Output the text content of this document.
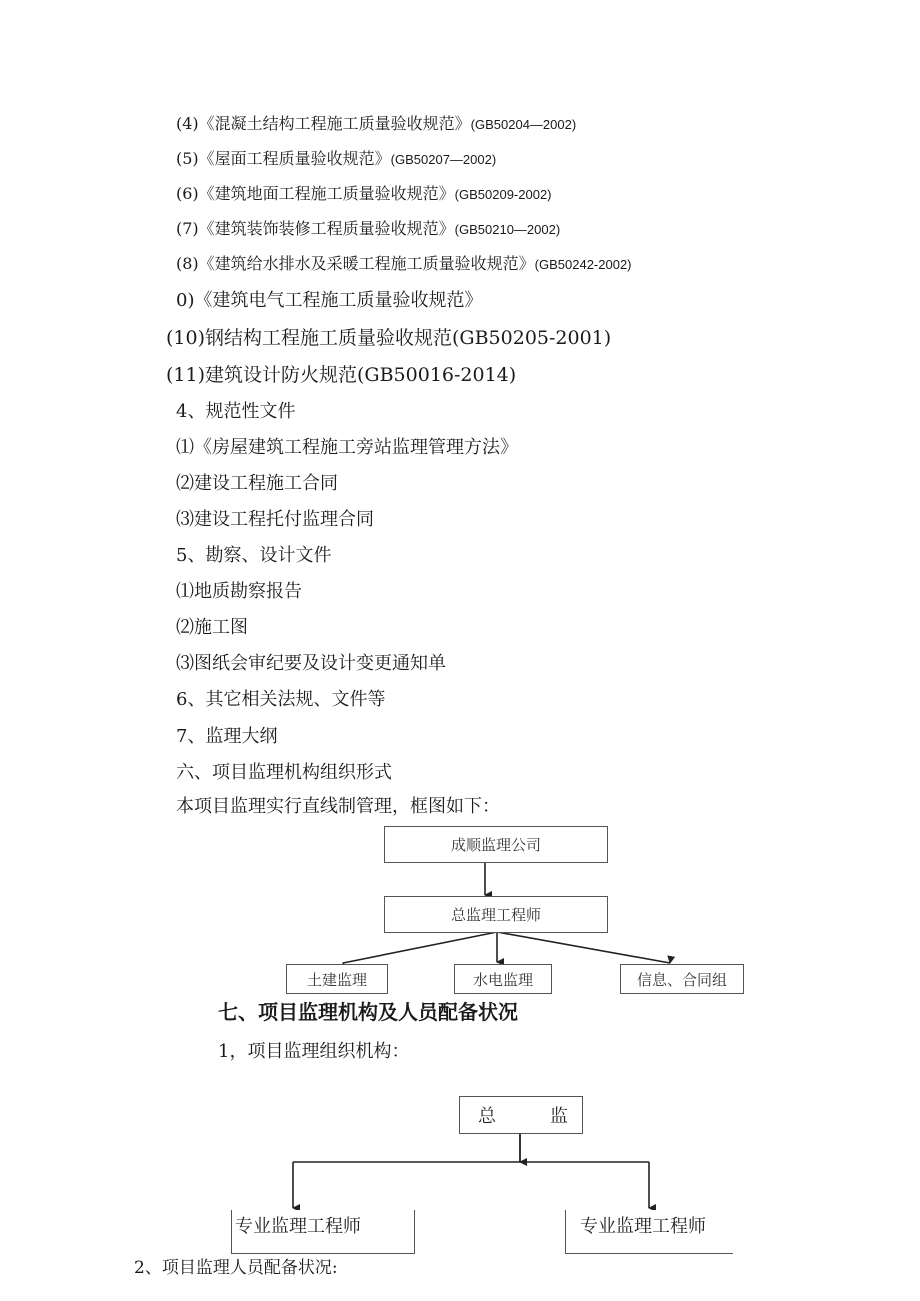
(4)《混凝土结构工程施工质量验收规范》(GB50204—2002)
(5)《屋面工程质量验收规范》(GB50207—2002)
(6)《建筑地面工程施工质量验收规范》(GB50209-2002)
(7)《建筑装饰装修工程质量验收规范》(GB50210—2002)
(8)《建筑给水排水及采暖工程施工质量验收规范》(GB50242-2002)
0)《建筑电气工程施工质量验收规范》
(10)钢结构工程施工质量验收规范(GB50205-2001)
(11)建筑设计防火规范(GB50016-2014)
4、规范性文件
⑴《房屋建筑工程施工旁站监理管理方法》
⑵建设工程施工合同
⑶建设工程托付监理合同
5、勘察、设计文件
⑴地质勘察报告
⑵施工图
⑶图纸会审纪要及设计变更通知单
6、其它相关法规、文件等
7、监理大纲
六、项目监理机构组织形式
本项目监理实行直线制管理，框图如下：
成顺监理公司
总监理工程师
土建监理	水电监理	信息、合同组
七、项目监理机构及人员配备状况
1，项目监理组织机构：
总	监
专业监理工程师	专业监理工程师
2、项目监理人员配备状况:
